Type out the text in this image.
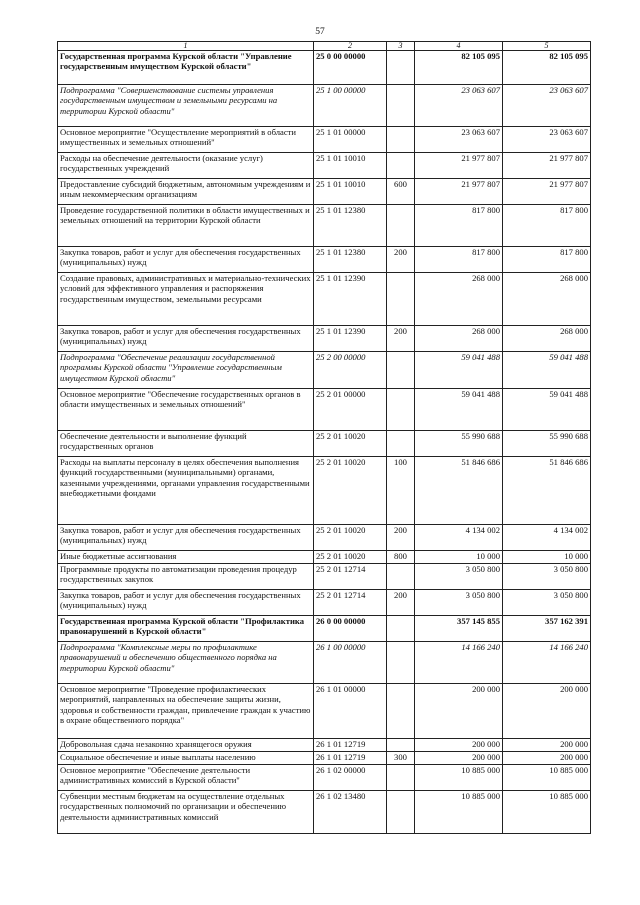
57
1	2	3	4	5
Государственная программа Курской области "Управление государственным имуществом Курской области"	25 0 00 00000		82 105 095	82 105 095
Подпрограмма "Совершенствование системы управления государственным имуществом и земельными ресурсами на территории Курской области"	25 1 00 00000		23 063 607	23 063 607
Основное мероприятие "Осуществление мероприятий в области имущественных и земельных отношений"	25 1 01 00000		23 063 607	23 063 607
Расходы на обеспечение деятельности (оказание услуг) государственных учреждений	25 1 01 10010		21 977 807	21 977 807
Предоставление субсидий бюджетным, автономным учреждениям и иным некоммерческим организациям	25 1 01 10010	600	21 977 807	21 977 807
Проведение государственной политики в области имущественных и земельных отношений на территории Курской области	25 1 01 12380		817 800	817 800
Закупка товаров, работ и услуг для обеспечения государственных (муниципальных) нужд	25 1 01 12380	200	817 800	817 800
Создание правовых, административных и материально-технических условий для эффективного управления и распоряжения государственным имуществом, земельными ресурсами	25 1 01 12390		268 000	268 000
Закупка товаров, работ и услуг для обеспечения государственных (муниципальных) нужд	25 1 01 12390	200	268 000	268 000
Подпрограмма "Обеспечение реализации государственной программы Курской области "Управление государственным имуществом Курской области"	25 2 00 00000		59 041 488	59 041 488
Основное мероприятие "Обеспечение государственных органов в области имущественных и земельных отношений"	25 2 01 00000		59 041 488	59 041 488
Обеспечение деятельности и выполнение функций государственных органов	25 2 01 10020		55 990 688	55 990 688
Расходы на выплаты персоналу в целях обеспечения выполнения функций государственными (муниципальными) органами, казенными учреждениями, органами управления государственными внебюджетными фондами	25 2 01 10020	100	51 846 686	51 846 686
Закупка товаров, работ и услуг для обеспечения государственных (муниципальных) нужд	25 2 01 10020	200	4 134 002	4 134 002
Иные бюджетные ассигнования	25 2 01 10020	800	10 000	10 000
Программные продукты по автоматизации проведения процедур государственных закупок	25 2 01 12714		3 050 800	3 050 800
Закупка товаров, работ и услуг для обеспечения государственных (муниципальных) нужд	25 2 01 12714	200	3 050 800	3 050 800
Государственная программа Курской области "Профилактика правонарушений в Курской области"	26 0 00 00000		357 145 855	357 162 391
Подпрограмма "Комплексные меры по профилактике правонарушений и обеспечению общественного порядка на территории Курской области"	26 1 00 00000		14 166 240	14 166 240
Основное мероприятие "Проведение профилактических мероприятий, направленных на обеспечение защиты жизни, здоровья и собственности граждан, привлечение граждан к участию в охране общественного порядка"	26 1 01 00000		200 000	200 000
Добровольная сдача незаконно хранящегося оружия	26 1 01 12719		200 000	200 000
Социальное обеспечение и иные выплаты населению	26 1 01 12719	300	200 000	200 000
Основное мероприятие "Обеспечение деятельности административных комиссий в Курской области"	26 1 02 00000		10 885 000	10 885 000
Субвенции местным бюджетам на осуществление отдельных государственных полномочий по организации и обеспечению деятельности административных комиссий	26 1 02 13480		10 885 000	10 885 000
